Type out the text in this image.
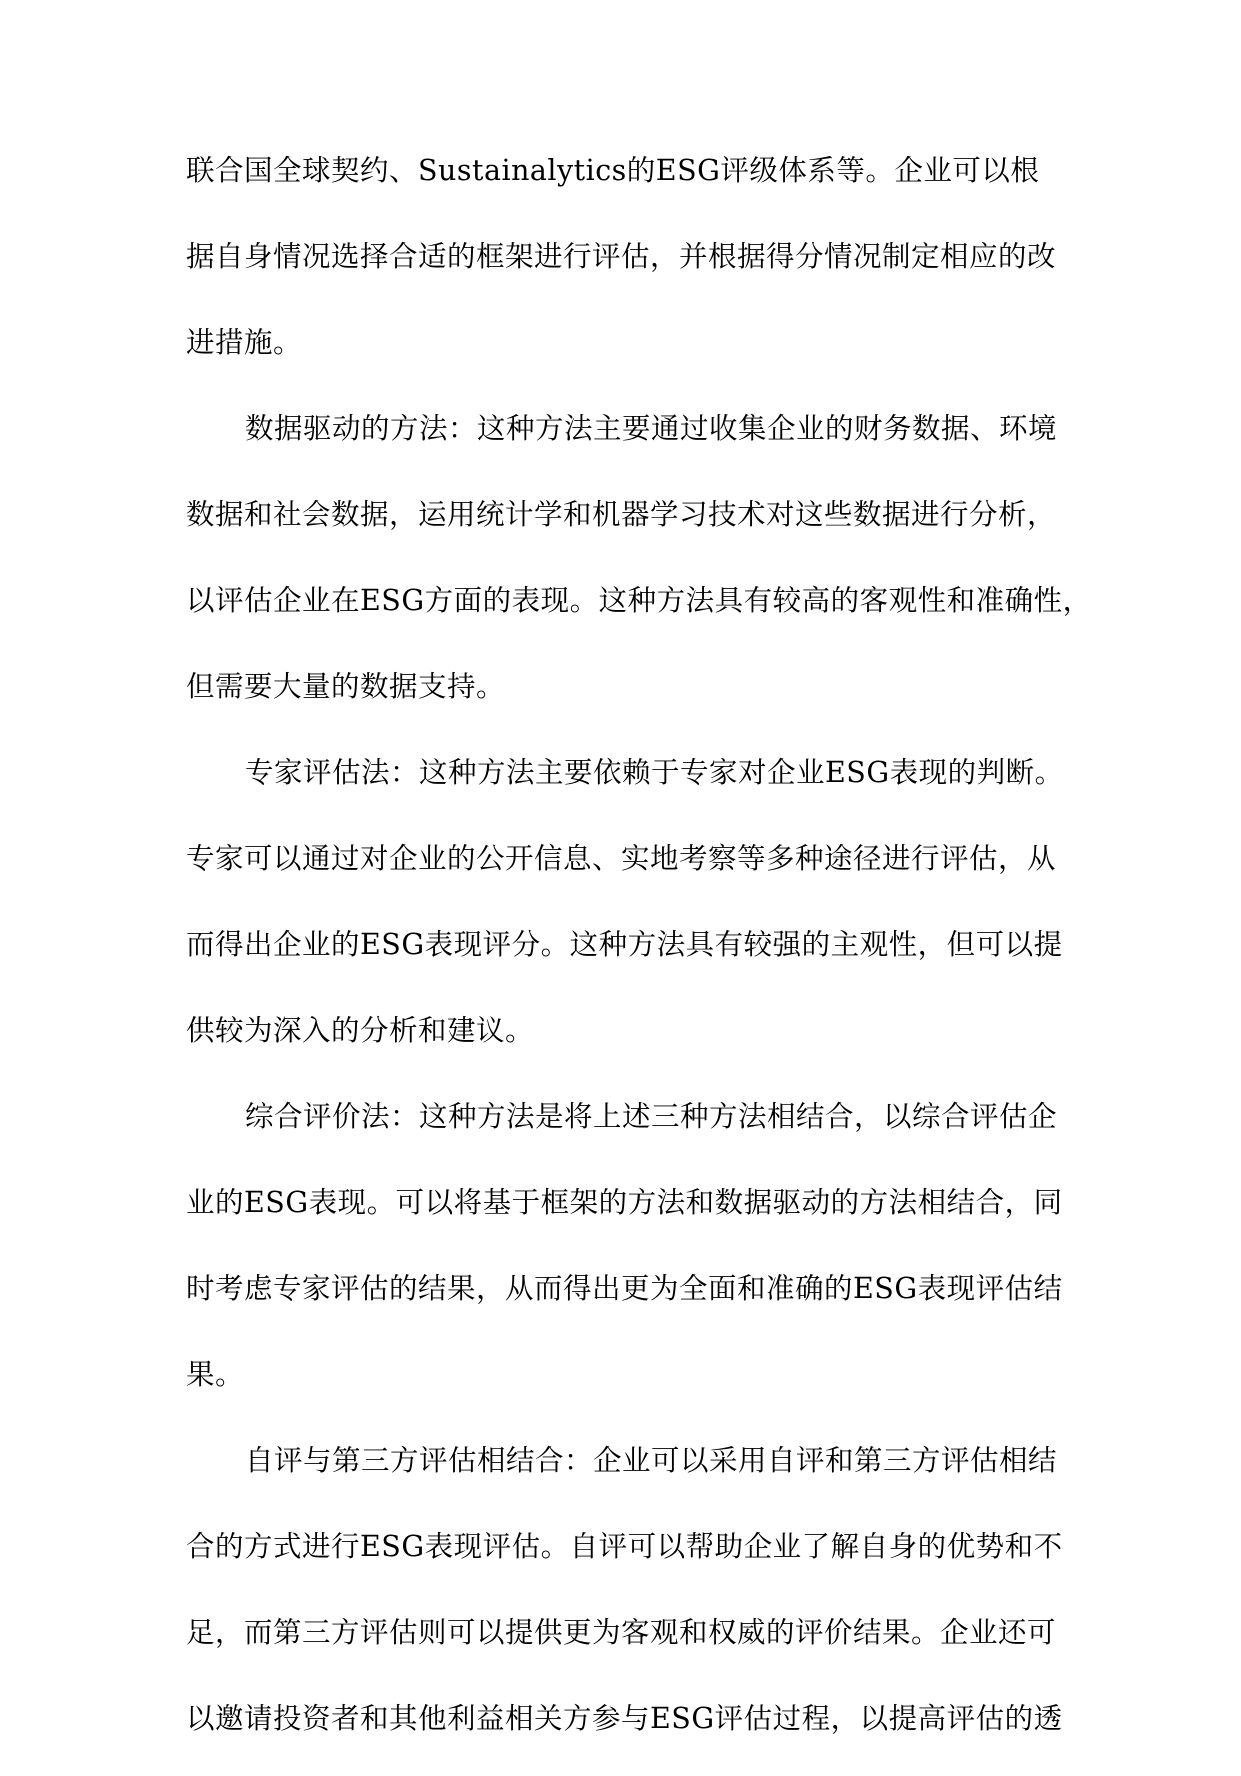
联合国全球契约、Sustainalytics的ESG评级体系等。企业可以根
据自身情况选择合适的框架进行评估，并根据得分情况制定相应的改
进措施。
数据驱动的方法：这种方法主要通过收集企业的财务数据、环境
数据和社会数据，运用统计学和机器学习技术对这些数据进行分析，
以评估企业在ESG方面的表现。这种方法具有较高的客观性和准确性，
但需要大量的数据支持。
专家评估法：这种方法主要依赖于专家对企业ESG表现的判断。
专家可以通过对企业的公开信息、实地考察等多种途径进行评估，从
而得出企业的ESG表现评分。这种方法具有较强的主观性，但可以提
供较为深入的分析和建议。
综合评价法：这种方法是将上述三种方法相结合，以综合评估企
业的ESG表现。可以将基于框架的方法和数据驱动的方法相结合，同
时考虑专家评估的结果，从而得出更为全面和准确的ESG表现评估结
果。
自评与第三方评估相结合：企业可以采用自评和第三方评估相结
合的方式进行ESG表现评估。自评可以帮助企业了解自身的优势和不
足，而第三方评估则可以提供更为客观和权威的评价结果。企业还可
以邀请投资者和其他利益相关方参与ESG评估过程，以提高评估的透
